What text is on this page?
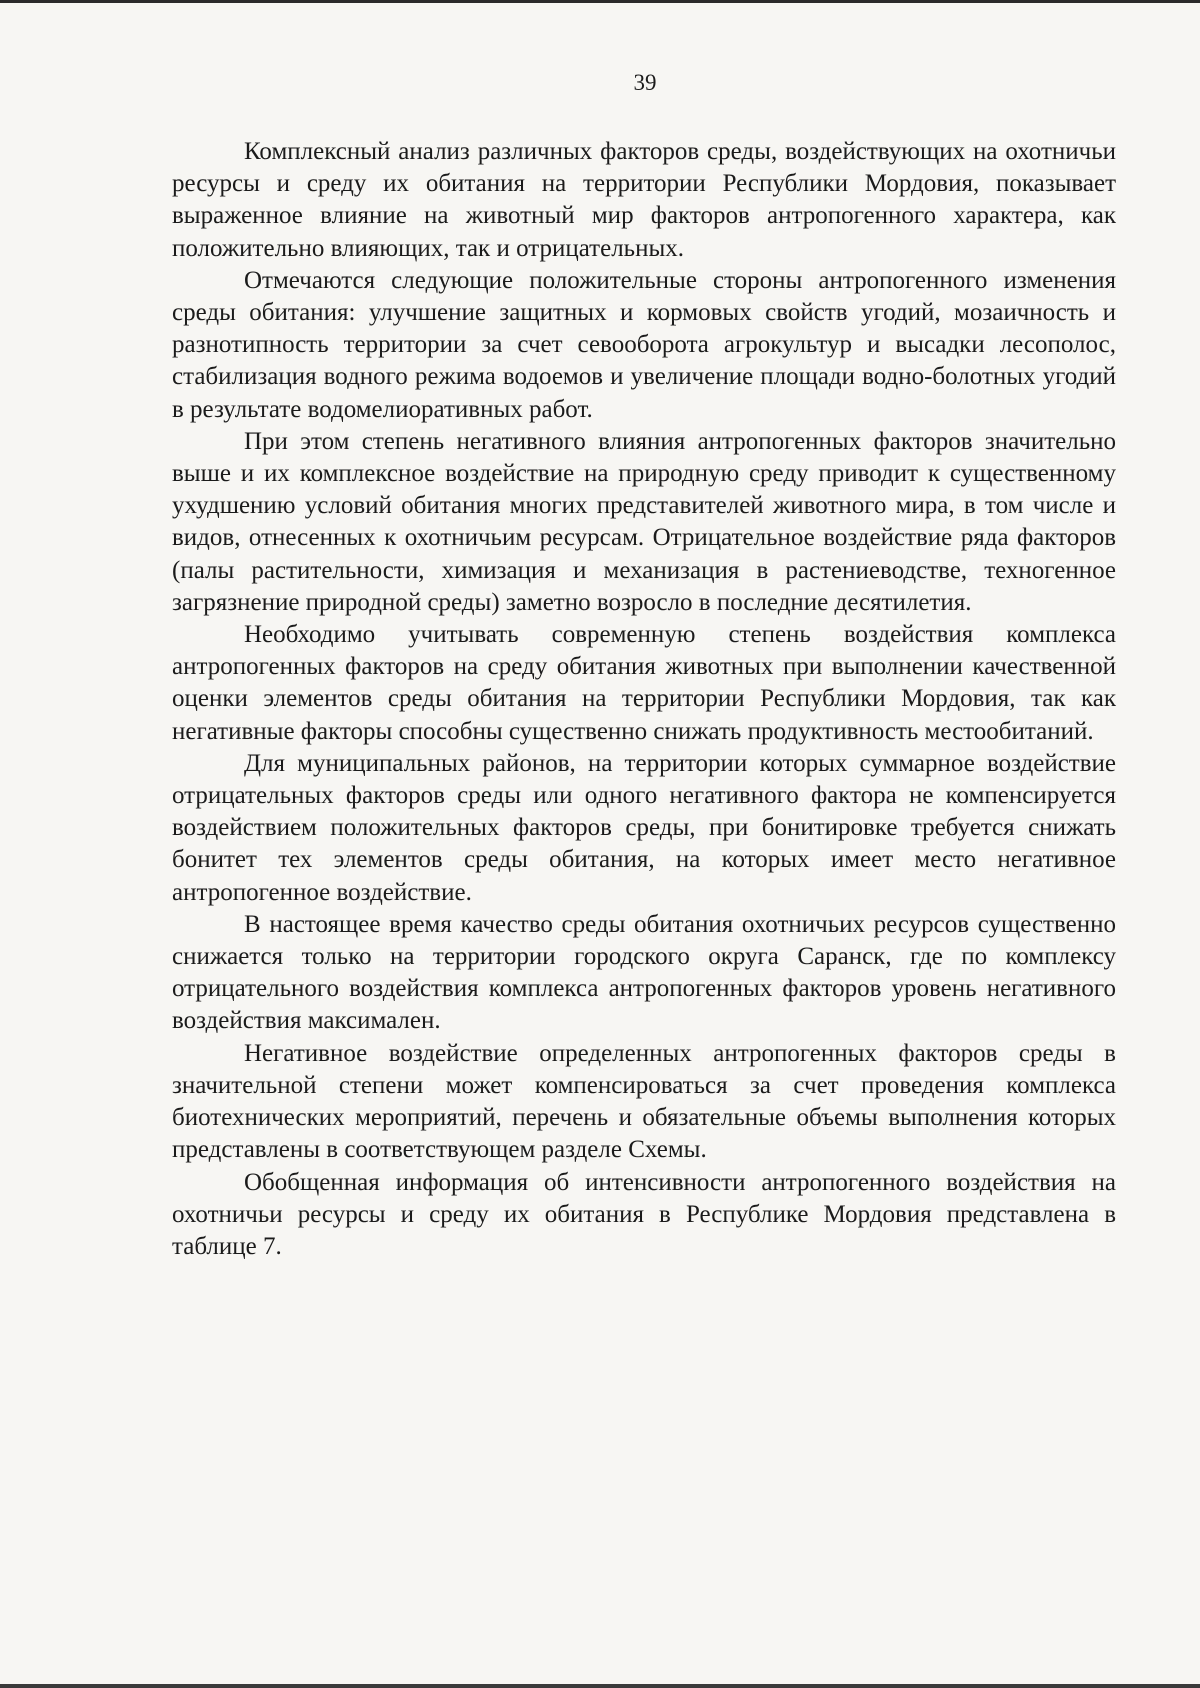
39

Комплексный анализ различных факторов среды, воздействующих на охотничьи ресурсы и среду их обитания на территории Республики Мордовия, показывает выраженное влияние на животный мир факторов антропогенного характера, как положительно влияющих, так и отрицательных.

Отмечаются следующие положительные стороны антропогенного изменения среды обитания: улучшение защитных и кормовых свойств угодий, мозаичность и разнотипность территории за счет севооборота агрокультур и высадки лесополос, стабилизация водного режима водоемов и увеличение площади водно-болотных угодий в результате водомелиоративных работ.

При этом степень негативного влияния антропогенных факторов значительно выше и их комплексное воздействие на природную среду приводит к существенному ухудшению условий обитания многих представителей животного мира, в том числе и видов, отнесенных к охотничьим ресурсам. Отрицательное воздействие ряда факторов (палы растительности, химизация и механизация в растениеводстве, техногенное загрязнение природной среды) заметно возросло в последние десятилетия.

Необходимо учитывать современную степень воздействия комплекса антропогенных факторов на среду обитания животных при выполнении качественной оценки элементов среды обитания на территории Республики Мордовия, так как негативные факторы способны существенно снижать продуктивность местообитаний.

Для муниципальных районов, на территории которых суммарное воздействие отрицательных факторов среды или одного негативного фактора не компенсируется воздействием положительных факторов среды, при бонитировке требуется снижать бонитет тех элементов среды обитания, на которых имеет место негативное антропогенное воздействие.

В настоящее время качество среды обитания охотничьих ресурсов существенно снижается только на территории городского округа Саранск, где по комплексу отрицательного воздействия комплекса антропогенных факторов уровень негативного воздействия максимален.

Негативное воздействие определенных антропогенных факторов среды в значительной степени может компенсироваться за счет проведения комплекса биотехнических мероприятий, перечень и обязательные объемы выполнения которых представлены в соответствующем разделе Схемы.

Обобщенная информация об интенсивности антропогенного воздействия на охотничьи ресурсы и среду их обитания в Республике Мордовия представлена в таблице 7.
